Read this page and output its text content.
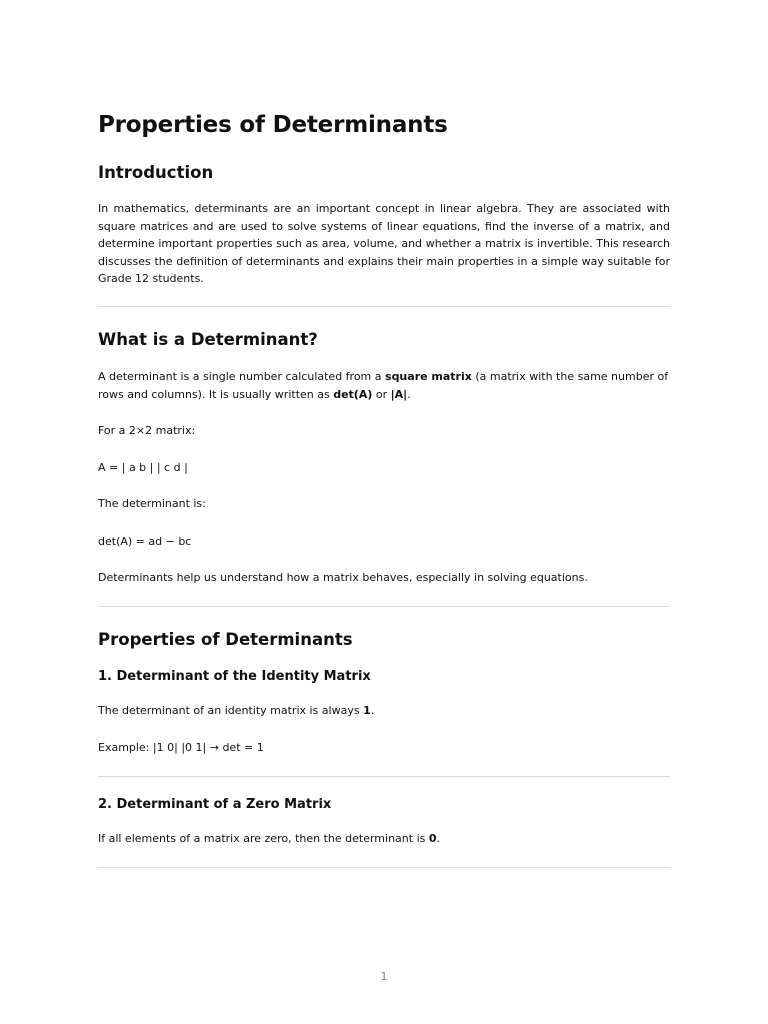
Properties of Determinants
Introduction

In mathematics, determinants are an important concept in linear algebra. They are associated with square matrices and are used to solve systems of linear equations, find the inverse of a matrix, and determine important properties such as area, volume, and whether a matrix is invertible. This research discusses the definition of determinants and explains their main properties in a simple way suitable for Grade 12 students.

What is a Determinant?

A determinant is a single number calculated from a square matrix (a matrix with the same number of rows and columns). It is usually written as det(A) or |A|.

For a 2×2 matrix:

A = | a b | | c d |

The determinant is:

det(A) = ad − bc

Determinants help us understand how a matrix behaves, especially in solving equations.

Properties of Determinants
1. Determinant of the Identity Matrix

The determinant of an identity matrix is always 1.

Example: |1 0| |0 1| → det = 1

2. Determinant of a Zero Matrix

If all elements of a matrix are zero, then the determinant is 0.

1
